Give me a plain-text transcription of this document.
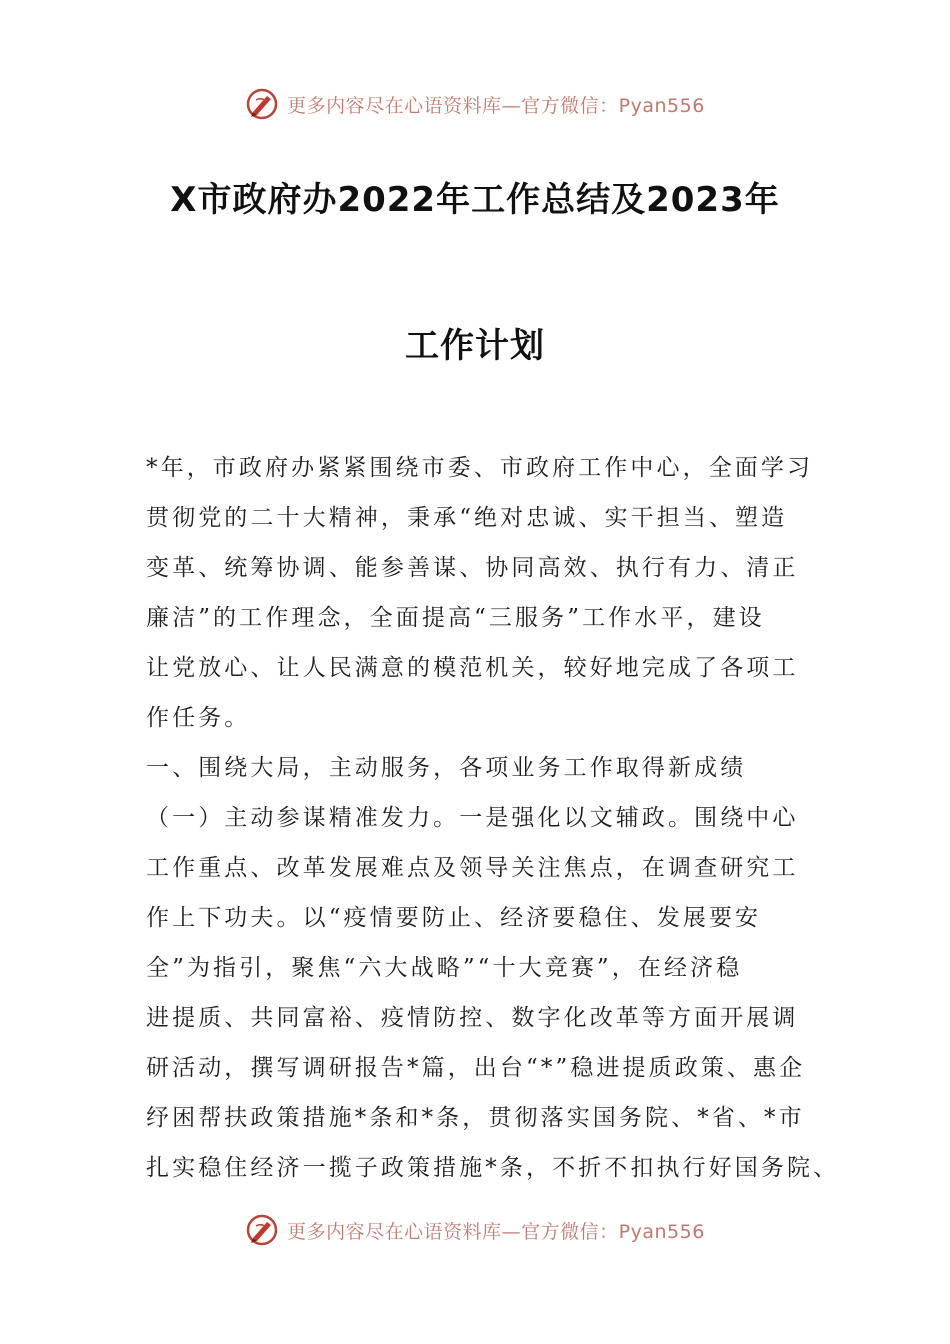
更多内容尽在心语资料库—官方微信：Pyan556
X市政府办2022年工作总结及2023年
工作计划
*年，市政府办紧紧围绕市委、市政府工作中心，全面学习
贯彻党的二十大精神，秉承“绝对忠诚、实干担当、塑造
变革、统筹协调、能参善谋、协同高效、执行有力、清正
廉洁”的工作理念，全面提高“三服务”工作水平，建设
让党放心、让人民满意的模范机关，较好地完成了各项工
作任务。
一、围绕大局，主动服务，各项业务工作取得新成绩
（一）主动参谋精准发力。一是强化以文辅政。围绕中心
工作重点、改革发展难点及领导关注焦点，在调查研究工
作上下功夫。以“疫情要防止、经济要稳住、发展要安
全”为指引，聚焦“六大战略”“十大竞赛”，在经济稳
进提质、共同富裕、疫情防控、数字化改革等方面开展调
研活动，撰写调研报告*篇，出台“*”稳进提质政策、惠企
纾困帮扶政策措施*条和*条，贯彻落实国务院、*省、*市
扎实稳住经济一揽子政策措施*条，不折不扣执行好国务院、
更多内容尽在心语资料库—官方微信：Pyan556
